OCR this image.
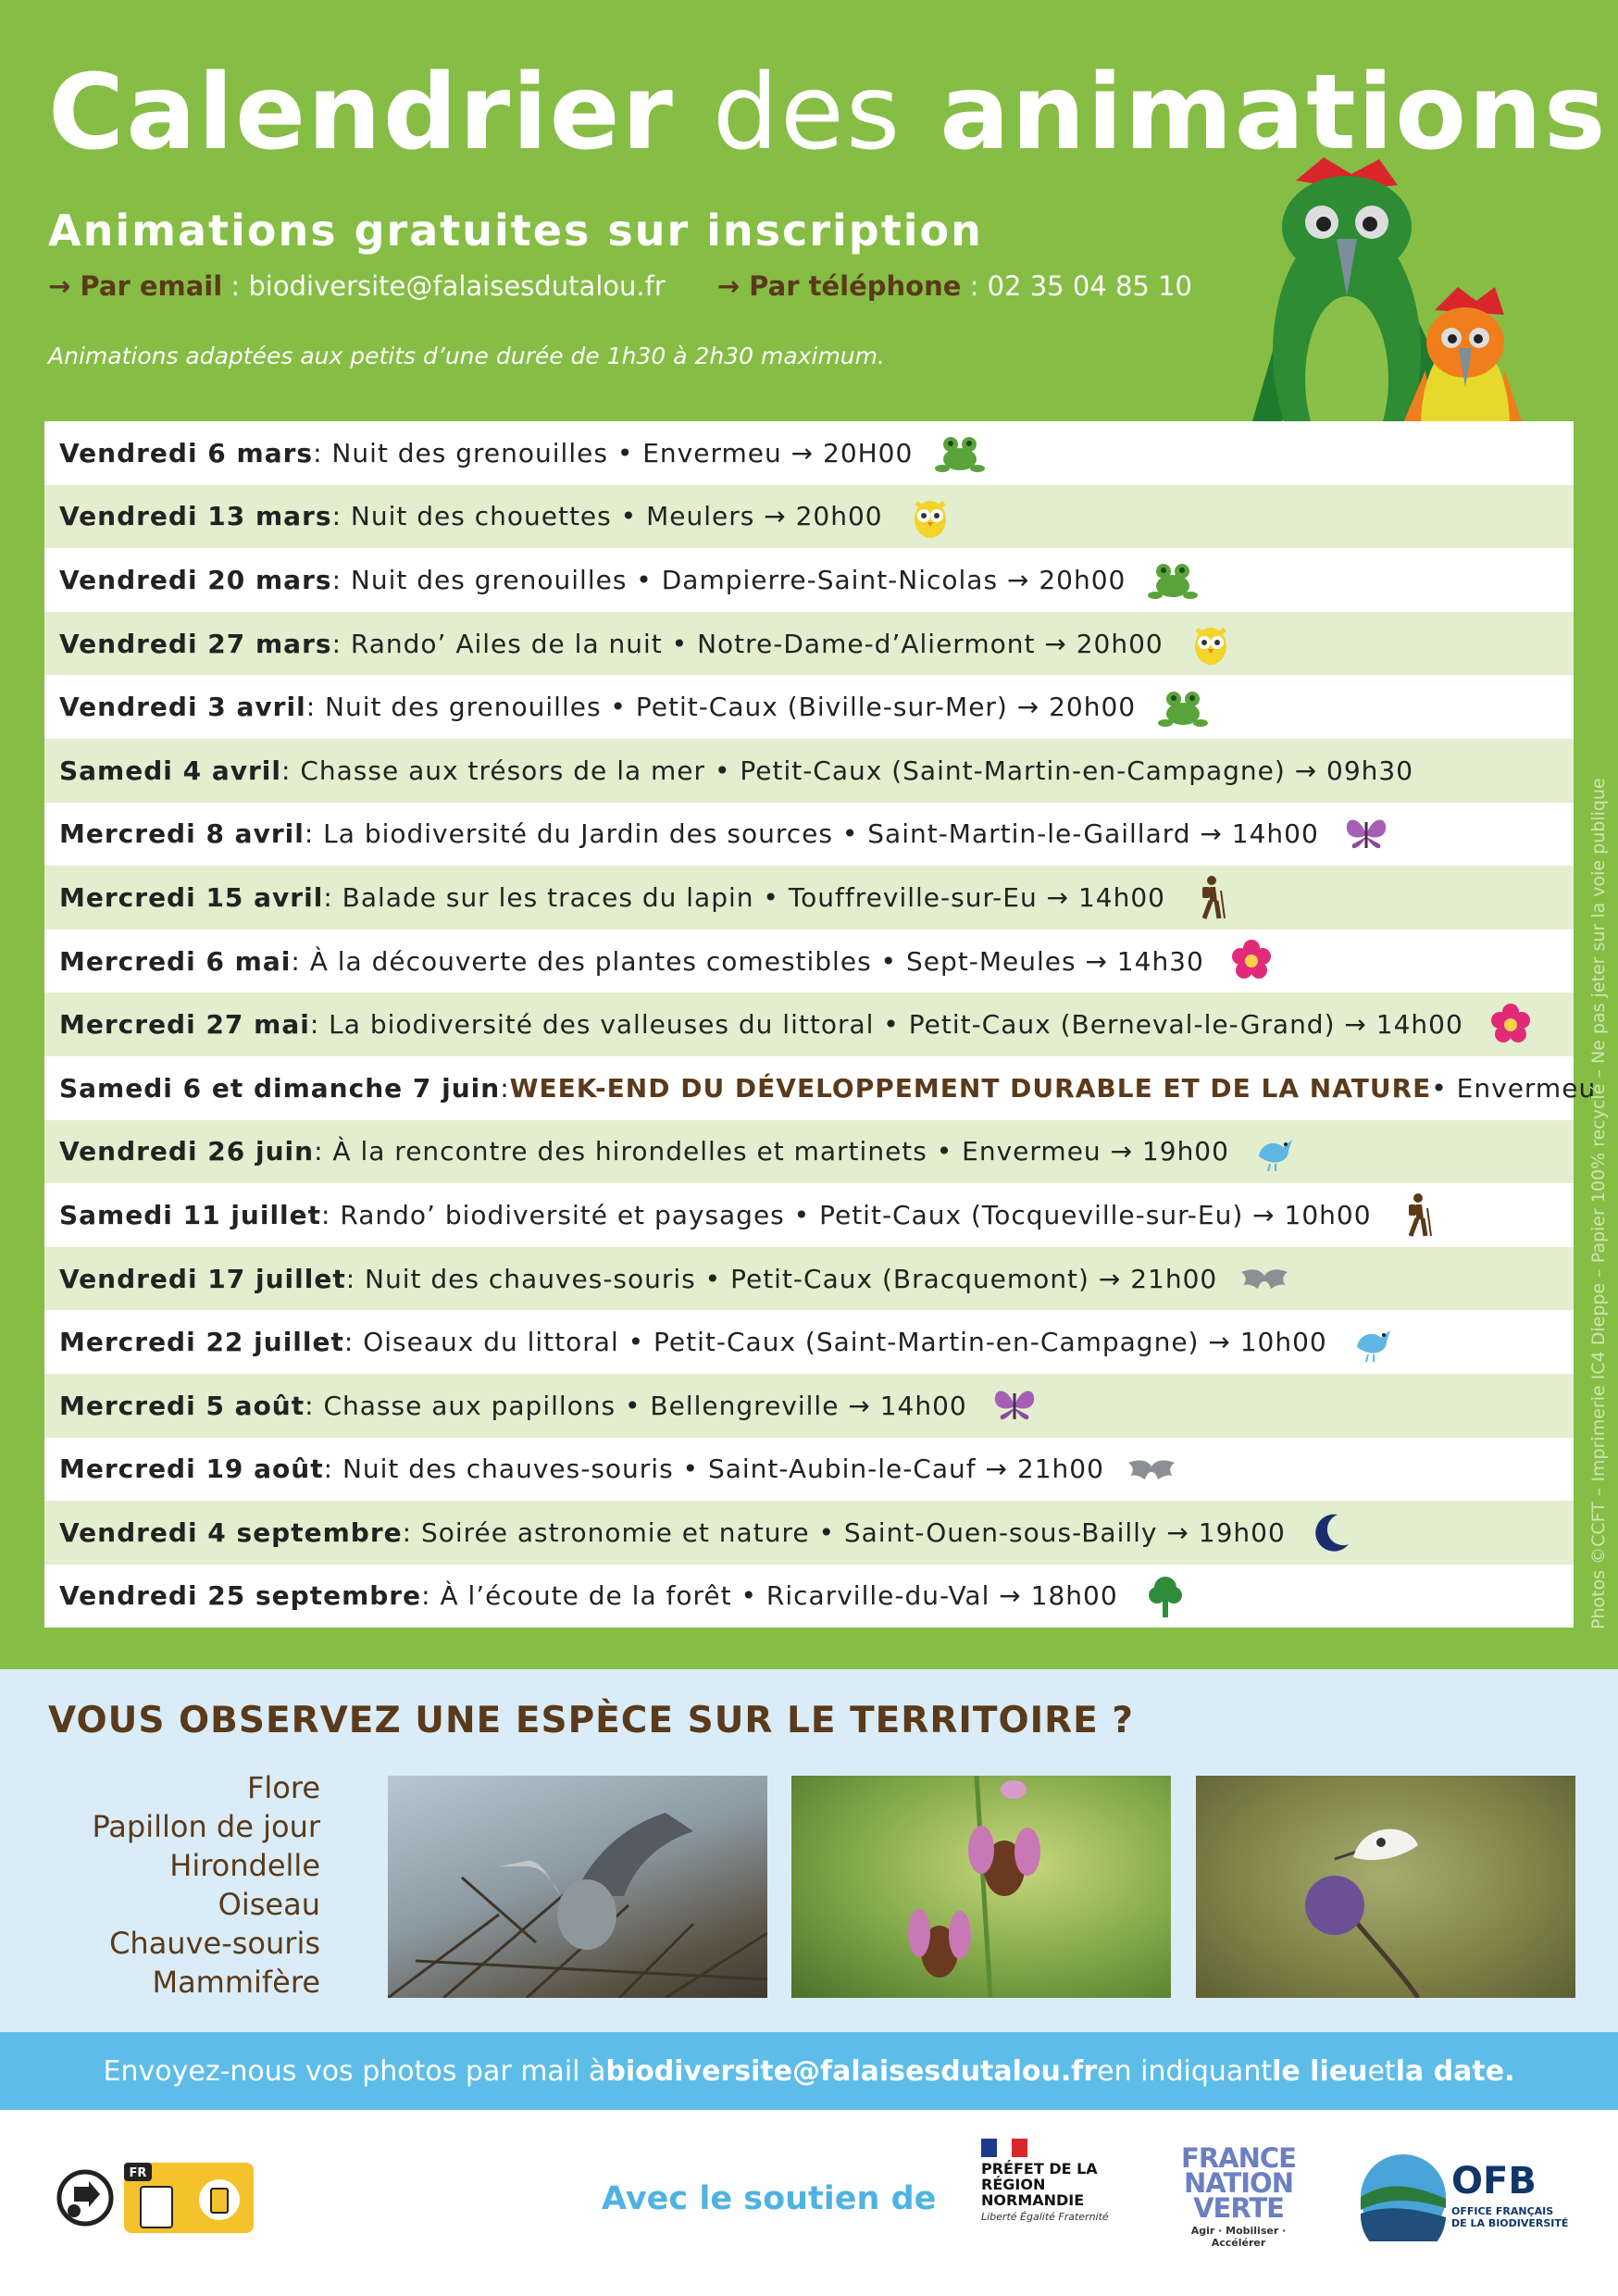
Calendrier des animations
Animations gratuites sur inscription
→ Par email : biodiversite@falaisesdutalou.fr → Par téléphone : 02 35 04 85 10
Animations adaptées aux petits d’une durée de 1h30 à 2h30 maximum.
Vendredi 6 mars : Nuit des grenouilles • Envermeu → 20H00
Vendredi 13 mars : Nuit des chouettes • Meulers → 20h00
Vendredi 20 mars : Nuit des grenouilles • Dampierre-Saint-Nicolas → 20h00
Vendredi 27 mars : Rando’ Ailes de la nuit • Notre-Dame-d’Aliermont → 20h00
Vendredi 3 avril : Nuit des grenouilles • Petit-Caux (Biville-sur-Mer) → 20h00
Samedi 4 avril : Chasse aux trésors de la mer • Petit-Caux (Saint-Martin-en-Campagne) → 09h30
Mercredi 8 avril : La biodiversité du Jardin des sources • Saint-Martin-le-Gaillard → 14h00
Mercredi 15 avril : Balade sur les traces du lapin • Touffreville-sur-Eu → 14h00
Mercredi 6 mai : À la découverte des plantes comestibles • Sept-Meules → 14h30
Mercredi 27 mai : La biodiversité des valleuses du littoral • Petit-Caux (Berneval-le-Grand) → 14h00
Samedi 6 et dimanche 7 juin : WEEK-END DU DÉVELOPPEMENT DURABLE ET DE LA NATURE • Envermeu
Vendredi 26 juin : À la rencontre des hirondelles et martinets • Envermeu → 19h00
Samedi 11 juillet : Rando’ biodiversité et paysages • Petit-Caux (Tocqueville-sur-Eu) → 10h00
Vendredi 17 juillet : Nuit des chauves-souris • Petit-Caux (Bracquemont) → 21h00
Mercredi 22 juillet : Oiseaux du littoral • Petit-Caux (Saint-Martin-en-Campagne) → 10h00
Mercredi 5 août : Chasse aux papillons • Bellengreville → 14h00
Mercredi 19 août : Nuit des chauves-souris • Saint-Aubin-le-Cauf → 21h00
Vendredi 4 septembre : Soirée astronomie et nature • Saint-Ouen-sous-Bailly → 19h00
Vendredi 25 septembre : À l’écoute de la forêt • Ricarville-du-Val → 18h00	Photos ©CCFT – Imprimerie IC4 Dieppe – Papier 100% recyclé – Ne pas jeter sur la voie publique
VOUS OBSERVEZ UNE ESPÈCE SUR LE TERRITOIRE ?
Flore
Papillon de jour
Hirondelle
Oiseau
Chauve-souris
Mammifère
Envoyez-nous vos photos par mail à biodiversite@falaisesdutalou.fr en indiquant le lieu et la date.
FR
Avec le soutien de
PRÉFET DE LA RÉGION NORMANDIE
Liberté Égalité Fraternité
FRANCE
NATION
VERTE
Agir · Mobiliser · Accélérer
OFB
OFFICE FRANÇAIS DE LA BIODIVERSITÉ
